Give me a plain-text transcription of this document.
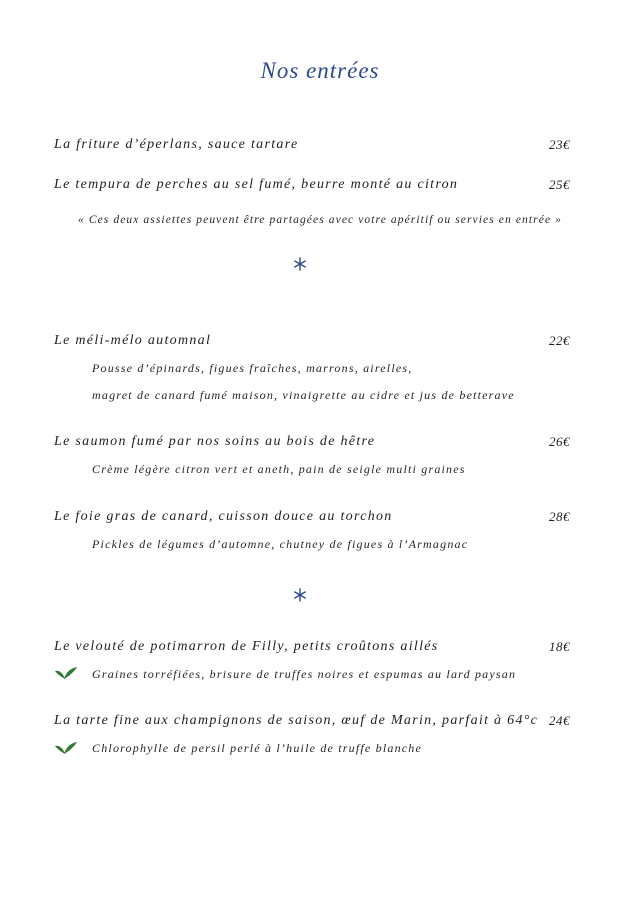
Nos entrées
La friture d’éperlans, sauce tartare	23€
Le tempura de perches au sel fumé, beurre monté au citron	25€
« Ces deux assiettes peuvent être partagées avec votre apéritif ou servies en entrée »
Le méli-mélo automnal	22€
Pousse d’épinards, figues fraîches, marrons, airelles,
magret de canard fumé maison, vinaigrette au cidre et jus de betterave
Le saumon fumé par nos soins au bois de hêtre	26€
Crème légère citron vert et aneth, pain de seigle multi graines
Le foie gras de canard, cuisson douce au torchon	28€
Pickles de légumes d’automne, chutney de figues à l’Armagnac
Le velouté de potimarron de Filly, petits croûtons aillés	18€
Graines torréfiées, brisure de truffes noires et espumas au lard paysan
La tarte fine aux champignons de saison, œuf de Marin, parfait à 64°c 24€
Chlorophylle de persil perlé à l’huile de truffe blanche
